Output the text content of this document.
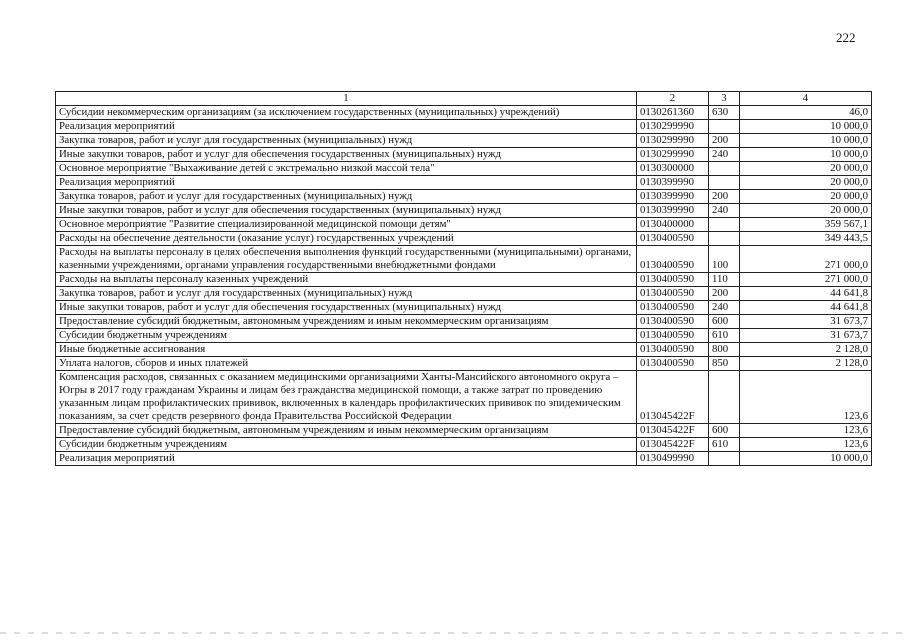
222
1	2	3	4
Субсидии некоммерческим организациям (за исключением государственных (муниципальных) учреждений)	0130261360	630	46,0
Реализация мероприятий	0130299990		10 000,0
Закупка товаров, работ и услуг для государственных (муниципальных) нужд	0130299990	200	10 000,0
Иные закупки товаров, работ и услуг для обеспечения государственных (муниципальных) нужд	0130299990	240	10 000,0
Основное мероприятие "Выхаживание детей с экстремально низкой массой тела"	0130300000		20 000,0
Реализация мероприятий	0130399990		20 000,0
Закупка товаров, работ и услуг для государственных (муниципальных) нужд	0130399990	200	20 000,0
Иные закупки товаров, работ и услуг для обеспечения государственных (муниципальных) нужд	0130399990	240	20 000,0
Основное мероприятие "Развитие специализированной медицинской помощи детям"	0130400000		359 567,1
Расходы на обеспечение деятельности (оказание услуг) государственных учреждений	0130400590		349 443,5
Расходы на выплаты персоналу в целях обеспечения выполнения функций государственными (муниципальными) органами, казенными учреждениями, органами управления государственными внебюджетными фондами	0130400590	100	271 000,0
Расходы на выплаты персоналу казенных учреждений	0130400590	110	271 000,0
Закупка товаров, работ и услуг для государственных (муниципальных) нужд	0130400590	200	44 641,8
Иные закупки товаров, работ и услуг для обеспечения государственных (муниципальных) нужд	0130400590	240	44 641,8
Предоставление субсидий бюджетным, автономным учреждениям и иным некоммерческим организациям	0130400590	600	31 673,7
Субсидии бюджетным учреждениям	0130400590	610	31 673,7
Иные бюджетные ассигнования	0130400590	800	2 128,0
Уплата налогов, сборов и иных платежей	0130400590	850	2 128,0
Компенсация расходов, связанных с оказанием медицинскими организациями Ханты-Мансийского автономного округа – Югры в 2017 году гражданам Украины и лицам без гражданства медицинской помощи, а также затрат по проведению указанным лицам профилактических прививок, включенных в календарь профилактических прививок по эпидемическим показаниям, за счет средств резервного фонда Правительства Российской Федерации	013045422F		123,6
Предоставление субсидий бюджетным, автономным учреждениям и иным некоммерческим организациям	013045422F	600	123,6
Субсидии бюджетным учреждениям	013045422F	610	123,6
Реализация мероприятий	0130499990		10 000,0
